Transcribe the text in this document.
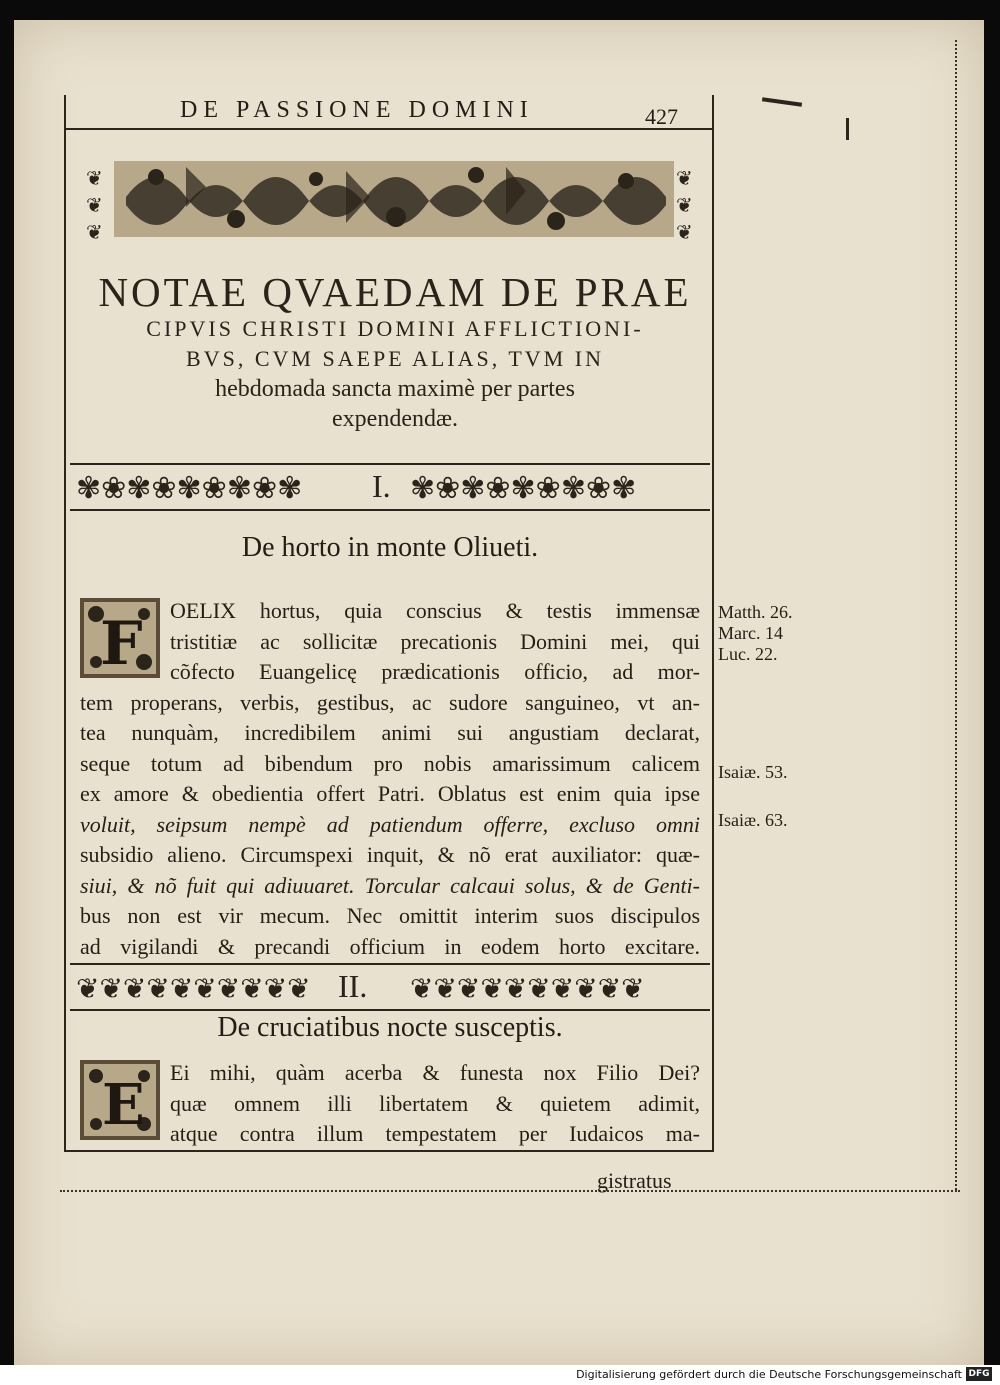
DE PASSIONE DOMINI	427
❦
❦
❦
❦
❦
❦
NOTAE QVAEDAM DE PRAE
CIPVIS CHRISTI DOMINI AFFLICTIONI-
BVS, CVM SAEPE ALIAS, TVM IN
hebdomada sancta maximè per partes
expendendæ.
✾❀✾❀✾❀✾❀✾	✾❀✾❀✾❀✾❀✾
I.
De horto in monte Oliueti.
F OELIX hortus, quia conscius & testis immensæ
tristitiæ ac sollicitæ precationis Domini mei, qui
cõfecto Euangelicę prædicationis officio, ad mor-
tem properans, verbis, gestibus, ac sudore sanguineo, vt an-
tea nunquàm, incredibilem animi sui angustiam declarat,
seque totum ad bibendum pro nobis amarissimum calicem
ex amore & obedientia offert Patri. Oblatus est enim quia ipse
voluit, seipsum nempè ad patiendum offerre, excluso omni
subsidio alieno. Circumspexi inquit, & nõ erat auxiliator: quæ-
siui, & nõ fuit qui adiuuaret. Torcular calcaui solus, & de Genti-
bus non est vir mecum. Nec omittit interim suos discipulos
ad vigilandi & precandi officium in eodem horto excitare.
❦❦❦❦❦❦❦❦❦❦	❦❦❦❦❦❦❦❦❦❦
II.
De cruciatibus nocte susceptis.
E Ei mihi, quàm acerba & funesta nox Filio Dei?
quæ omnem illi libertatem & quietem adimit,
atque contra illum tempestatem per Iudaicos ma-
gistratus
Matth. 26.
Marc. 14
Luc. 22.
Isaiæ. 53.
Isaiæ. 63.
Digitalisierung gefördert durch die Deutsche Forschungsgemeinschaft DFG
